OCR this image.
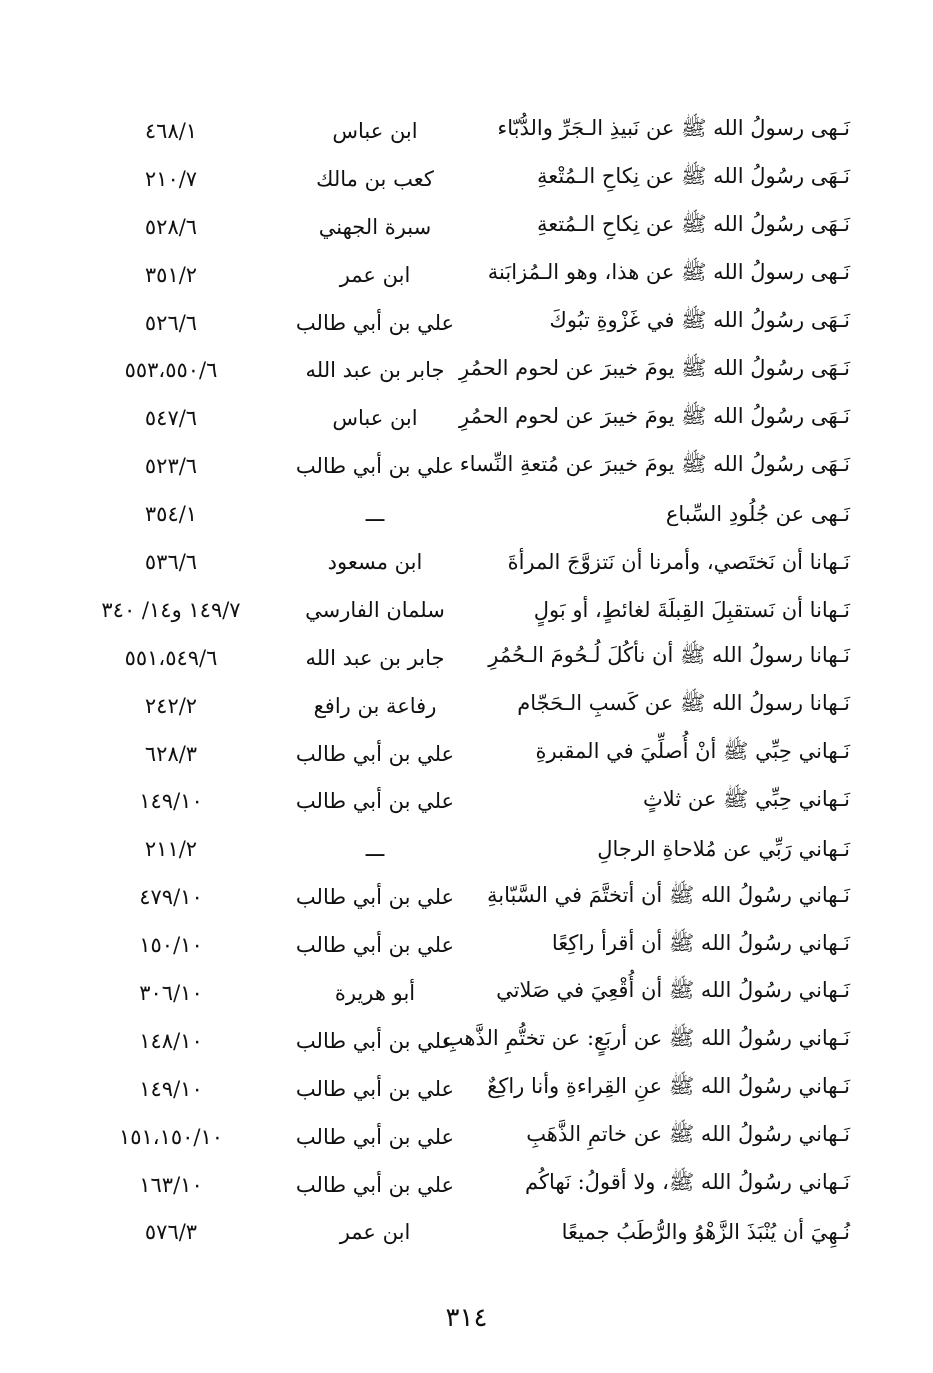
نَـهى رسولُ الله ﷺ عن نَبيذِ الـجَرِّ والدُّبّاء
ابن عباس
٤٦٨/١
نَـهَى رسُولُ الله ﷺ عن نِكاحِ الـمُتْعةِ
كعب بن مالك
٢١٠/٧
نَـهَى رسُولُ الله ﷺ عن نِكاحِ الـمُتعةِ
سبرة الجهني
٥٢٨/٦
نَـهى رسولُ الله ﷺ عن هذا، وهو الـمُزابَنة
ابن عمر
٣٥١/٢
نَـهَى رسُولُ الله ﷺ في غَزْوةِ تبُوكَ
علي بن أبي طالب
٥٢٦/٦
نَـهَى رسُولُ الله ﷺ يومَ خيبرَ عن لحوم الحمُرِ
جابر بن عبد الله
٥٥٣،٥٥٠/٦
نَـهَى رسُولُ الله ﷺ يومَ خيبرَ عن لحوم الحمُرِ
ابن عباس
٥٤٧/٦
نَـهَى رسُولُ الله ﷺ يومَ خيبرَ عن مُتعةِ النِّساء
علي بن أبي طالب
٥٢٣/٦
نَـهى عن جُلُودِ السِّباع
ـــ
٣٥٤/١
نَـهانا أن نَختَصي، وأمرنا أن نَتزوَّجَ المرأةَ
ابن مسعود
٥٣٦/٦
نَـهانا أن نَستقبِلَ القِبلَةَ لغائطٍ، أو بَولٍ
سلمان الفارسي
١٤٩/٧ و١٤/ ٣٤٠
نَـهانا رسولُ الله ﷺ أن نأكُلَ لُـحُومَ الـحُمُرِ
جابر بن عبد الله
٥٥١،٥٤٩/٦
نَـهانا رسولُ الله ﷺ عن كَسبِ الـحَجّام
رفاعة بن رافع
٢٤٢/٢
نَـهاني حِبِّي ﷺ أنْ أُصلِّيَ في المقبرةِ
علي بن أبي طالب
٦٢٨/٣
نَـهاني حِبِّي ﷺ عن ثلاثٍ
علي بن أبي طالب
١٤٩/١٠
نَـهاني رَبِّي عن مُلاحاةِ الرجالِ
ـــ
٢١١/٢
نَـهاني رسُولُ الله ﷺ أن أتختَّمَ في السَّبّابةِ
علي بن أبي طالب
٤٧٩/١٠
نَـهاني رسُولُ الله ﷺ أن أقرأ راكِعًا
علي بن أبي طالب
١٥٠/١٠
نَـهاني رسُولُ الله ﷺ أن أُقْعِيَ في صَلاتي
أبو هريرة
٣٠٦/١٠
نَـهاني رسُولُ الله ﷺ عن أربَعٍ: عن تختُّمِ الذَّهبِ
علي بن أبي طالب
١٤٨/١٠
نَـهاني رسُولُ الله ﷺ عنِ القِراءةِ وأنا راكِعٌ
علي بن أبي طالب
١٤٩/١٠
نَـهاني رسُولُ الله ﷺ عن خاتمِ الذَّهَبِ
علي بن أبي طالب
١٥١،١٥٠/١٠
نَـهاني رسُولُ الله ﷺ، ولا أقولُ: نَهاكُم
علي بن أبي طالب
١٦٣/١٠
نُـهِيَ أن يُنْبَذَ الزَّهْوُ والرُّطَبُ جميعًا
ابن عمر
٥٧٦/٣
٣١٤
